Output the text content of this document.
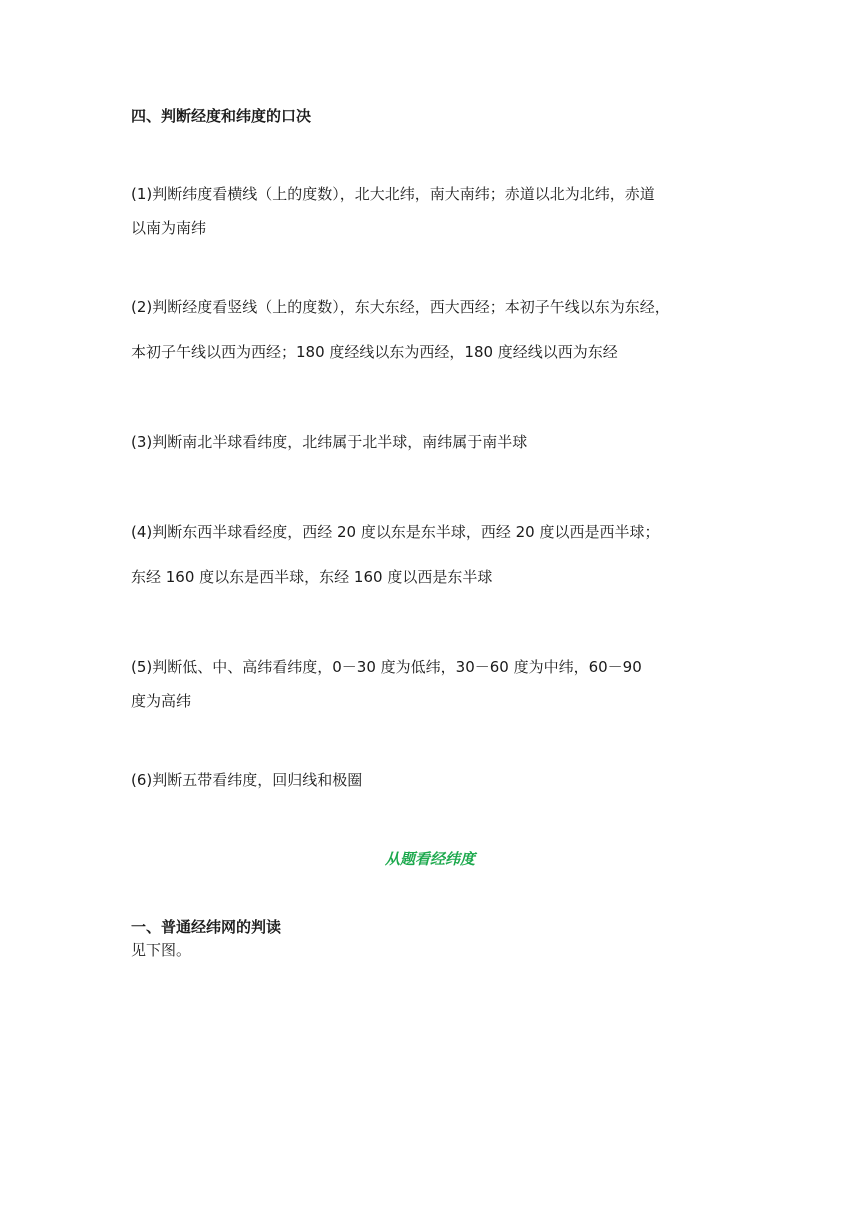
四、判断经度和纬度的口决
(1)判断纬度看横线（上的度数），北大北纬，南大南纬；赤道以北为北纬，赤道
以南为南纬
(2)判断经度看竖线（上的度数），东大东经，西大西经；本初子午线以东为东经，
本初子午线以西为西经；180 度经线以东为西经，180 度经线以西为东经
(3)判断南北半球看纬度，北纬属于北半球，南纬属于南半球
(4)判断东西半球看经度，西经 20 度以东是东半球，西经 20 度以西是西半球；
东经 160 度以东是西半球，东经 160 度以西是东半球
(5)判断低、中、高纬看纬度，0－30 度为低纬，30－60 度为中纬，60－90
度为高纬
(6)判断五带看纬度，回归线和极圈
从题看经纬度
一、普通经纬网的判读
见下图。
